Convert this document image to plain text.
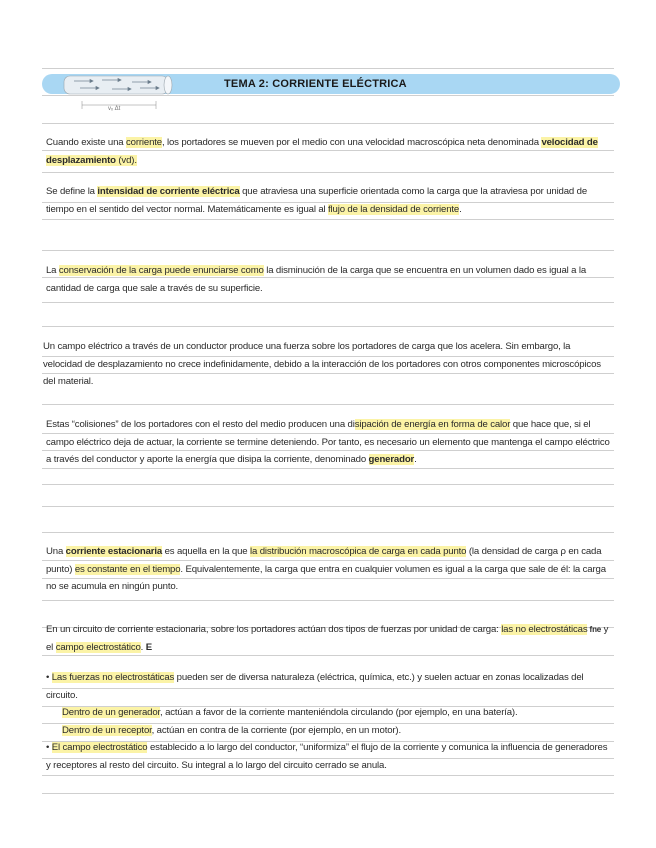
vₓ Δt
TEMA 2: CORRIENTE ELÉCTRICA
Cuando existe una corriente, los portadores se mueven por el medio con una velocidad macroscópica neta denominada velocidad de desplazamiento (vd).
Se define la intensidad de corriente eléctrica que atraviesa una superficie orientada como la carga que la atraviesa por unidad de tiempo en el sentido del vector normal. Matemáticamente es igual al flujo de la densidad de corriente.
La conservación de la carga puede enunciarse como la disminución de la carga que se encuentra en un volumen dado es igual a la cantidad de carga que sale a través de su superficie.
Un campo eléctrico a través de un conductor produce una fuerza sobre los portadores de carga que los acelera. Sin embargo, la velocidad de desplazamiento no crece indefinidamente, debido a la interacción de los portadores con otros componentes microscópicos del material.
Estas “colisiones” de los portadores con el resto del medio producen una disipación de energía en forma de calor que hace que, si el campo eléctrico deja de actuar, la corriente se termine deteniendo. Por tanto, es necesario un elemento que mantenga el campo eléctrico a través del conductor y aporte la energía que disipa la corriente, denominado generador.
Una corriente estacionaria es aquella en la que la distribución macroscópica de carga en cada punto (la densidad de carga ρ en cada punto) es constante en el tiempo. Equivalentemente, la carga que entra en cualquier volumen es igual a la carga que sale de él: la carga no se acumula en ningún punto.
En un circuito de corriente estacionaria, sobre los portadores actúan dos tipos de fuerzas por unidad de carga: las no electrostáticas fne y el campo electrostático. E
• Las fuerzas no electrostáticas pueden ser de diversa naturaleza (eléctrica, química, etc.) y suelen actuar en zonas localizadas del circuito.
Dentro de un generador, actúan a favor de la corriente manteniéndola circulando (por ejemplo, en una batería).
Dentro de un receptor, actúan en contra de la corriente (por ejemplo, en un motor).
• El campo electrostático establecido a lo largo del conductor, “uniformiza” el flujo de la corriente y comunica la influencia de generadores y receptores al resto del circuito. Su integral a lo largo del circuito cerrado se anula.
